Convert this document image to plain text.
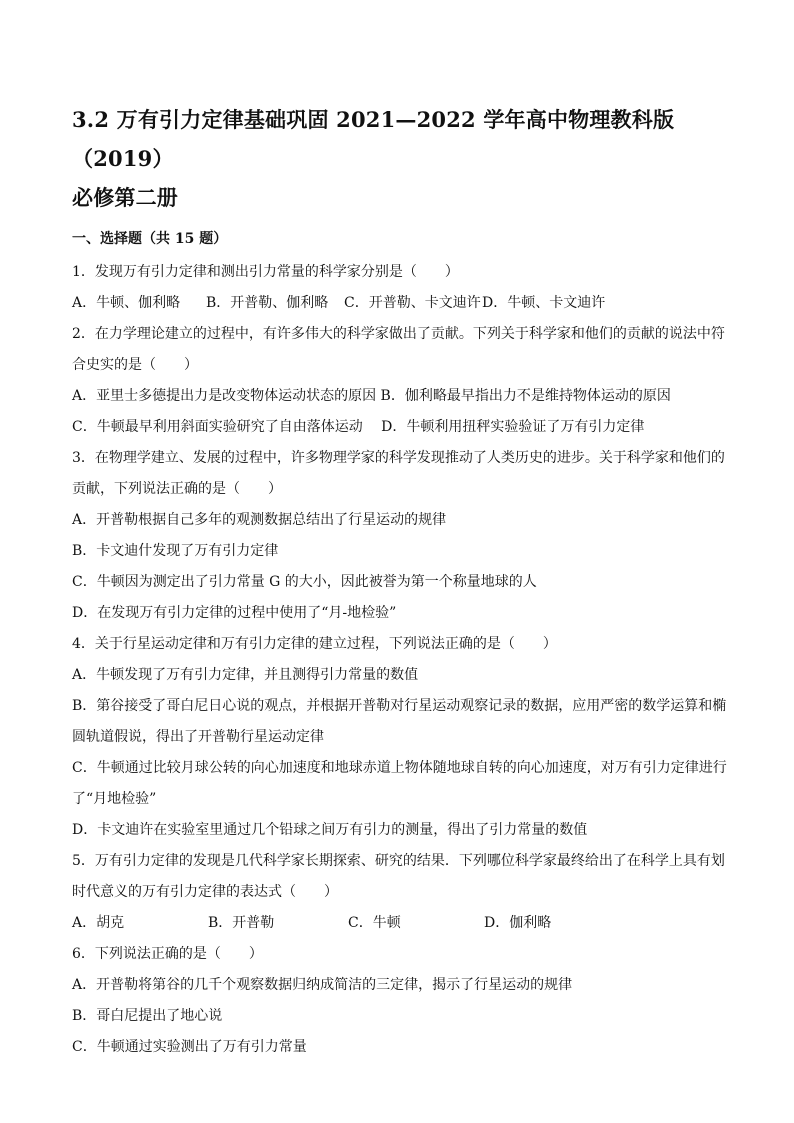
3.2 万有引力定律基础巩固 2021—2022 学年高中物理教科版（2019）

必修第二册

一、选择题（共 15 题）

1．发现万有引力定律和测出引力常量的科学家分别是（　　）

A．牛顿、伽利略	B．开普勒、伽利略	C．开普勒、卡文迪许 D．牛顿、卡文迪许

2．在力学理论建立的过程中，有许多伟大的科学家做出了贡献。下列关于科学家和他们的贡献的说法中符

合史实的是（　　）

A．亚里士多德提出力是改变物体运动状态的原因 B．伽利略最早指出力不是维持物体运动的原因

C．牛顿最早利用斜面实验研究了自由落体运动　 D．牛顿利用扭秤实验验证了万有引力定律

3．在物理学建立、发展的过程中，许多物理学家的科学发现推动了人类历史的进步。关于科学家和他们的

贡献，下列说法正确的是（　　）

A．开普勒根据自己多年的观测数据总结出了行星运动的规律

B．卡文迪什发现了万有引力定律

C．牛顿因为测定出了引力常量 G 的大小，因此被誉为第一个称量地球的人

D．在发现万有引力定律的过程中使用了“月-地检验”

4．关于行星运动定律和万有引力定律的建立过程，下列说法正确的是（　　）

A．牛顿发现了万有引力定律，并且测得引力常量的数值

B．第谷接受了哥白尼日心说的观点，并根据开普勒对行星运动观察记录的数据，应用严密的数学运算和椭

圆轨道假说，得出了开普勒行星运动定律

C．牛顿通过比较月球公转的向心加速度和地球赤道上物体随地球自转的向心加速度，对万有引力定律进行

了“月地检验”

D．卡文迪许在实验室里通过几个铅球之间万有引力的测量，得出了引力常量的数值

5．万有引力定律的发现是几代科学家长期探索、研究的结果．下列哪位科学家最终给出了在科学上具有划

时代意义的万有引力定律的表达式（　　）

A．胡克	B．开普勒	C．牛顿	D．伽利略

6．下列说法正确的是（　　）

A．开普勒将第谷的几千个观察数据归纳成简洁的三定律，揭示了行星运动的规律

B．哥白尼提出了地心说

C．牛顿通过实验测出了万有引力常量
